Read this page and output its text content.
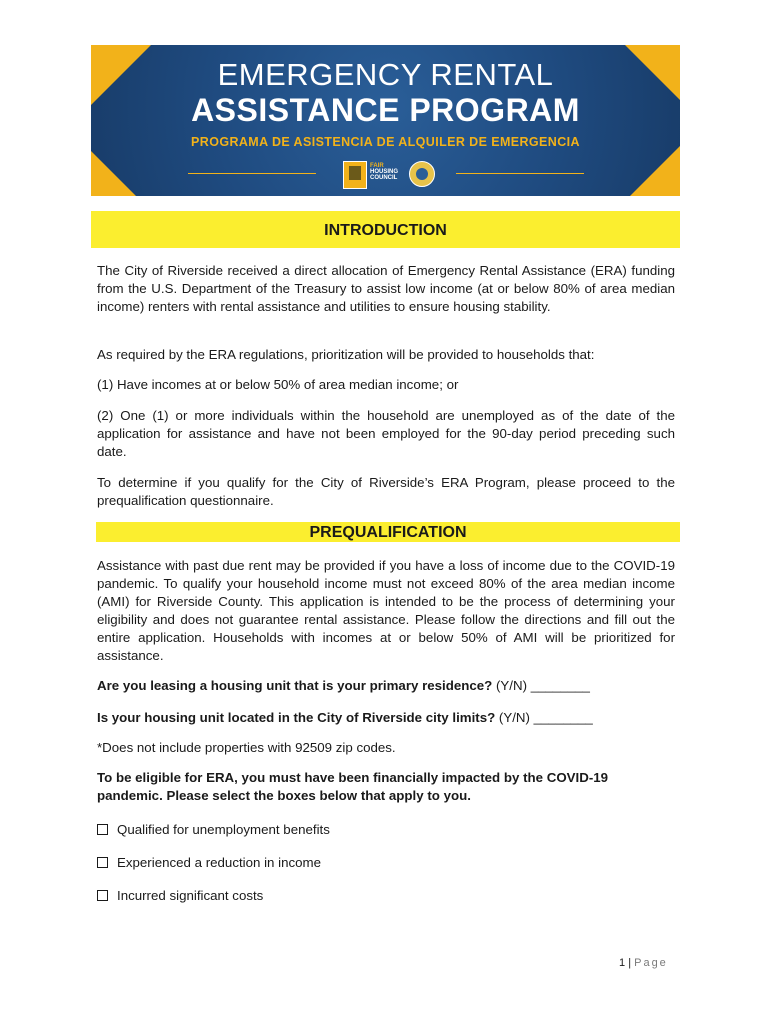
EMERGENCY RENTAL
ASSISTANCE PROGRAM
PROGRAMA DE ASISTENCIA DE ALQUILER DE EMERGENCIA
FAIR
HOUSING
COUNCIL
INTRODUCTION

The City of Riverside received a direct allocation of Emergency Rental Assistance (ERA) funding from the U.S. Department of the Treasury to assist low income (at or below 80% of area median income) renters with rental assistance and utilities to ensure housing stability.

As required by the ERA regulations, prioritization will be provided to households that:

(1) Have incomes at or below 50% of area median income; or

(2) One (1) or more individuals within the household are unemployed as of the date of the application for assistance and have not been employed for the 90-day period preceding such date.

To determine if you qualify for the City of Riverside’s ERA Program, please proceed to the prequalification questionnaire.

PREQUALIFICATION

Assistance with past due rent may be provided if you have a loss of income due to the COVID-19 pandemic. To qualify your household income must not exceed 80% of the area median income (AMI) for Riverside County. This application is intended to be the process of determining your eligibility and does not guarantee rental assistance. Please follow the directions and fill out the entire application. Households with incomes at or below 50% of AMI will be prioritized for assistance.

Are you leasing a housing unit that is your primary residence? (Y/N) ________

Is your housing unit located in the City of Riverside city limits? (Y/N) ________

*Does not include properties with 92509 zip codes.

To be eligible for ERA, you must have been financially impacted by the COVID-19 pandemic. Please select the boxes below that apply to you.

Qualified for unemployment benefits
Experienced a reduction in income
Incurred significant costs
1 | Page
